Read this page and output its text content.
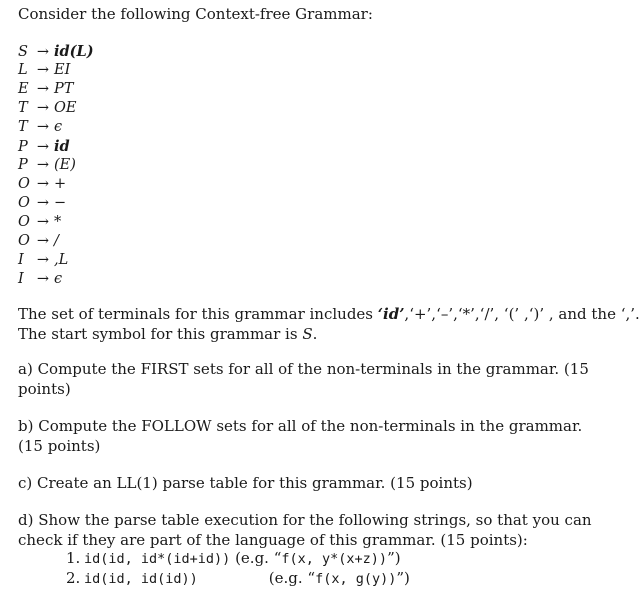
Consider the following Context-free Grammar:
S → id(L)
L → EI
E → PT
T → OE
T → ϵ
P → id
P → (E)
O → +
O → −
O → *
O → /
I → ,L
I → ϵ
The set of terminals for this grammar includes ‘id’,‘+’,‘–’,‘*’,‘/’, ‘(’ ,‘)’ , and the ‘,’.
The start symbol for this grammar is S.
a) Compute the FIRST sets for all of the non-terminals in the grammar. (15 points)
b) Compute the FOLLOW sets for all of the non-terminals in the grammar. (15 points)
c) Create an LL(1) parse table for this grammar. (15 points)
d) Show the parse table execution for the following strings, so that you can check if they are part of the language of this grammar. (15 points):
1. id(id, id*(id+id)) (e.g. “f(x, y*(x+z))”)
2. id(id, id(id))	(e.g. “f(x, g(y))”)
